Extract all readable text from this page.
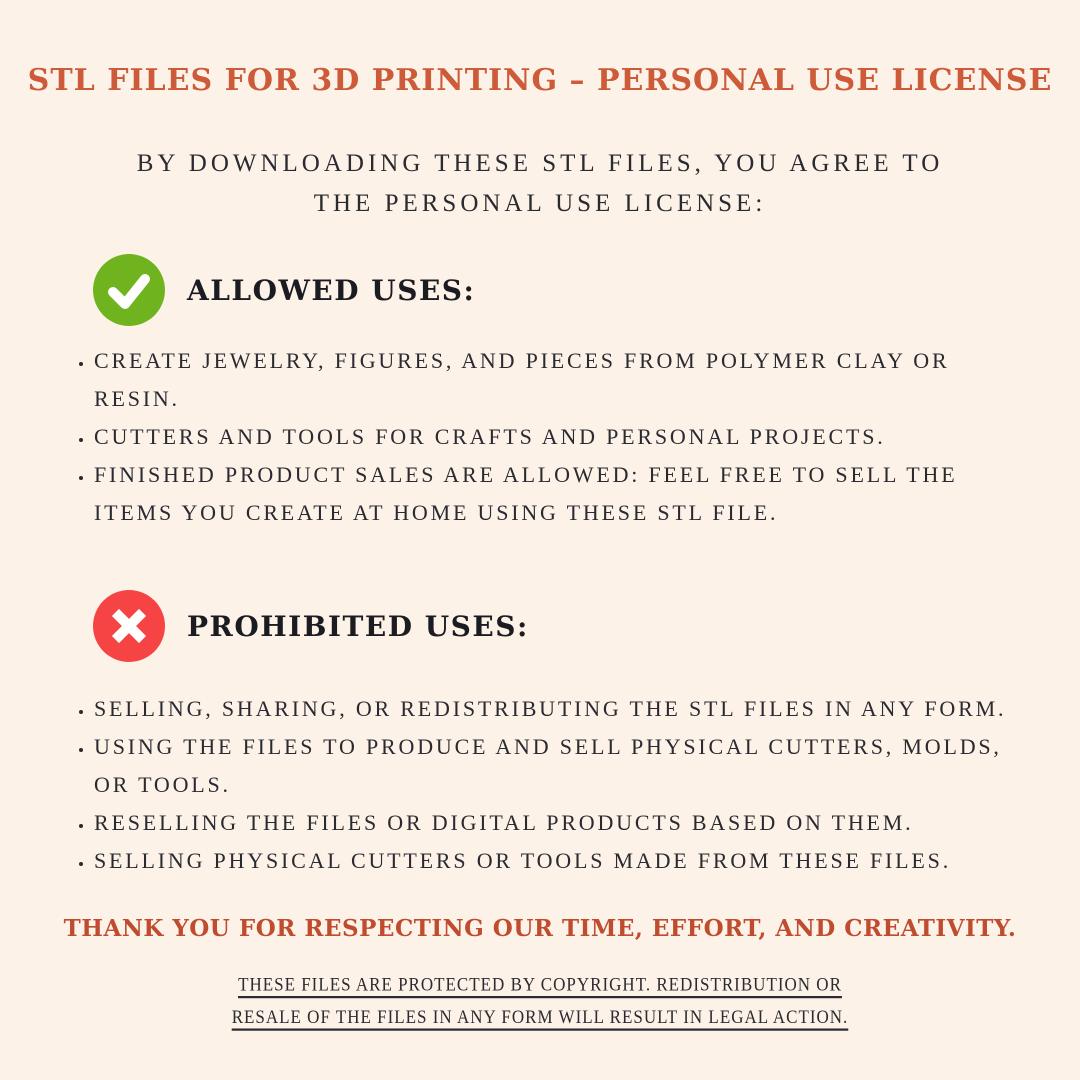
STL FILES FOR 3D PRINTING – PERSONAL USE LICENSE

BY DOWNLOADING THESE STL FILES, YOU AGREE TO
THE PERSONAL USE LICENSE:

ALLOWED USES:
• CREATE JEWELRY, FIGURES, AND PIECES FROM POLYMER CLAY OR RESIN.
• CUTTERS AND TOOLS FOR CRAFTS AND PERSONAL PROJECTS.
• FINISHED PRODUCT SALES ARE ALLOWED: FEEL FREE TO SELL THE ITEMS YOU CREATE AT HOME USING THESE STL FILE.
PROHIBITED USES:
• SELLING, SHARING, OR REDISTRIBUTING THE STL FILES IN ANY FORM.
• USING THE FILES TO PRODUCE AND SELL PHYSICAL CUTTERS, MOLDS, OR TOOLS.
• RESELLING THE FILES OR DIGITAL PRODUCTS BASED ON THEM.
• SELLING PHYSICAL CUTTERS OR TOOLS MADE FROM THESE FILES.

THANK YOU FOR RESPECTING OUR TIME, EFFORT, AND CREATIVITY.

THESE FILES ARE PROTECTED BY COPYRIGHT. REDISTRIBUTION OR
RESALE OF THE FILES IN ANY FORM WILL RESULT IN LEGAL ACTION.
